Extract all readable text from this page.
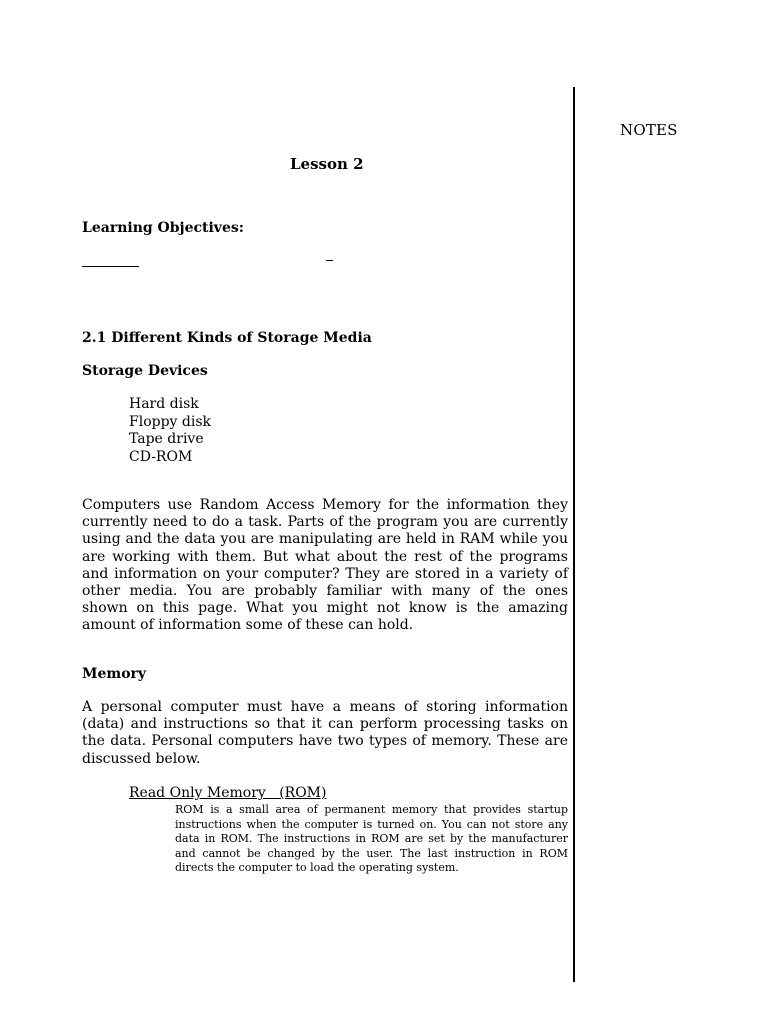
NOTES
Lesson 2
Learning Objectives:
2.1 Different Kinds of Storage Media
Storage Devices
Hard disk
Floppy disk
Tape drive
CD-ROM

Computers use Random Access Memory for the information they currently need to do a task. Parts of the program you are currently using and the data you are manipulating are held in RAM while you are working with them. But what about the rest of the programs and information on your computer? They are stored in a variety of other media. You are probably familiar with many of the ones shown on this page. What you might not know is the amazing amount of information some of these can hold.

Memory

A personal computer must have a means of storing information (data) and instructions so that it can perform processing tasks on the data. Personal computers have two types of memory. These are discussed below.

Read Only Memory   (ROM)

ROM is a small area of permanent memory that provides startup instructions when the computer is turned on. You can not store any data in ROM. The instructions in ROM are set by the manufacturer and cannot be changed by the user. The last instruction in ROM directs the computer to load the operating system.
